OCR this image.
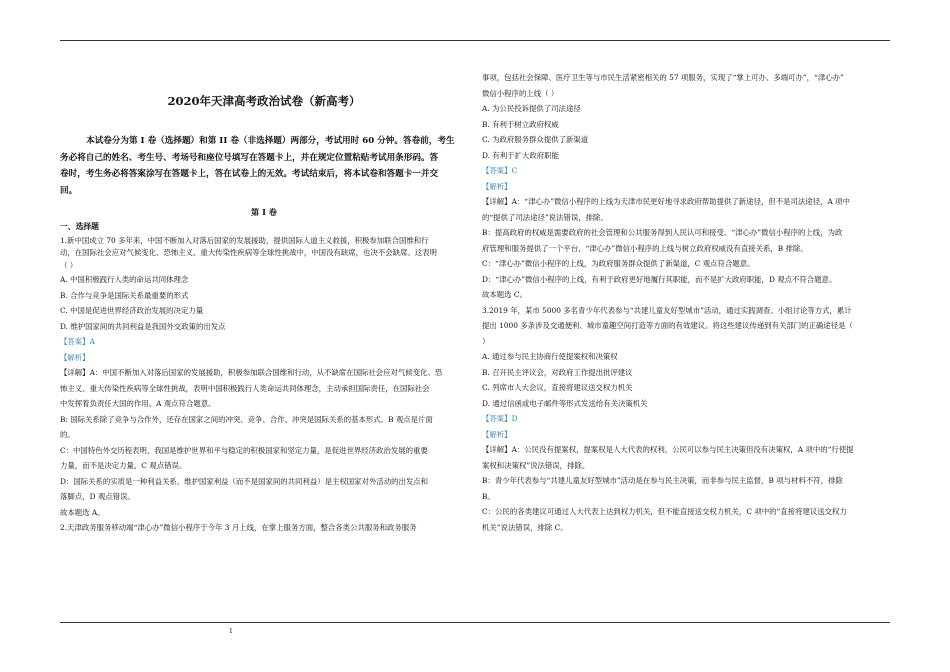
2020年天津高考政治试卷（新高考）

本试卷分为第 I 卷（选择题）和第 II 卷（非选择题）两部分，考试用时 60 分钟。答卷前，考生

务必将自己的姓名、考生号、考场号和座位号填写在答题卡上，并在规定位置粘贴考试用条形码。答

卷时，考生务必将答案涂写在答题卡上，答在试卷上的无效。考试结束后，将本试卷和答题卡一并交

回。

第 I 卷

一、选择题

1.新中国成立 70 多年来，中国不断加入对落后国家的发展援助，提供国际人道主义救援，积极参加联合国维和行

动，在国际社会应对气候变化、恐怖主义、重大传染性疾病等全球性挑战中，中国没有缺席，也决不会缺席。这表明

（ ）

A. 中国积极践行人类的命运共同体理念

B. 合作与竞争是国际关系最重要的形式

C. 中国是促进世界经济政治发展的决定力量

D. 维护国家间的共同利益是我国外交政策的出发点

【答案】A

【解析】

【详解】A：中国不断加入对落后国家的发展援助，积极参加联合国维和行动，从不缺席在国际社会应对气候变化、恐

怖主义、重大传染性疾病等全球性挑战，表明中国积极践行人类命运共同体理念，主动承担国际责任，在国际社会

中发挥着负责任大国的作用。A 观点符合题意。

B: 国际关系除了竞争与合作外，还存在国家之间的冲突、竞争、合作、冲突是国际关系的基本形式。B 观点是片面

的。

C：中国特色外交历程表明，我国是维护世界和平与稳定的积极国家和坚定力量，是促进世界经济政治发展的重要

力量，而不是决定力量，C 观点错误。

D：国际关系的实质是一种利益关系。维护国家利益（而不是国家间的共同利益）是主权国家对外活动的出发点和

落脚点，D 观点错误。

故本题选 A。

2.天津政务服务移动端“津心办”微信小程序于今年 3 月上线，在掌上服务方面，整合各类公共服务和政务服务

事项，包括社会保障、医疗卫生等与市民生活紧密相关的 57 项服务，实现了“掌上可办、多端可办”，“津心办”

微信小程序的上线（ ）

A. 为公民投诉提供了司法途径

B. 有利于树立政府权威

C. 为政府服务群众提供了新渠道

D. 有利于扩大政府职能

【答案】C

【解析】

【详解】A：“津心办”微信小程序的上线为天津市民更好地寻求政府帮助提供了新途径，但不是司法途径，A 项中

的“提供了司法途径”说法错误，排除。

B：提高政府的权威是需要政府的社会管理和公共服务得到人民认可和接受。“津心办”微信小程序的上线，为政

府管理和服务提供了一个平台，“津心办”微信小程序的上线与树立政府权威没有直接关系，B 排除。

C：“津心办”微信小程序的上线，为政府服务群众提供了新渠道，C 观点符合题意。

D：“津心办”微信小程序的上线，有利于政府更好地履行其职能，而不是扩大政府职能，D 观点不符合题意。

故本题选 C。

3.2019 年，某市 5000 多名青少年代表参与“共建儿童友好型城市”活动，通过实践调查、小组讨论等方式，累计

提出 1000 多条涉及交通便利、城市童趣空间打造等方面的有效建议。将这些建议传递到有关部门的正确途径是（

）

A. 通过参与民主协商行使提案权和决策权

B. 召开民主评议会，对政府工作提出批评建议

C. 列席市人大会议，直接将建议送交权力机关

D. 通过信函或电子邮件等形式发送给有关决策机关

【答案】D

【解析】

【详解】A：公民没有提案权，提案权是人大代表的权利，公民可以参与民主决策但没有决策权，A 项中的“行使提

案权和决策权”说法错误，排除。

B：青少年代表参与“共建儿童友好型城市”活动是在参与民主决策，而非参与民主监督，B 项与材料不符，排除

B。

C：公民的各类建议可通过人大代表上达到权力机关，但不能直接送交权力机关，C 项中的“直接将建议送交权力

机关”说法错误，排除 C。

1
